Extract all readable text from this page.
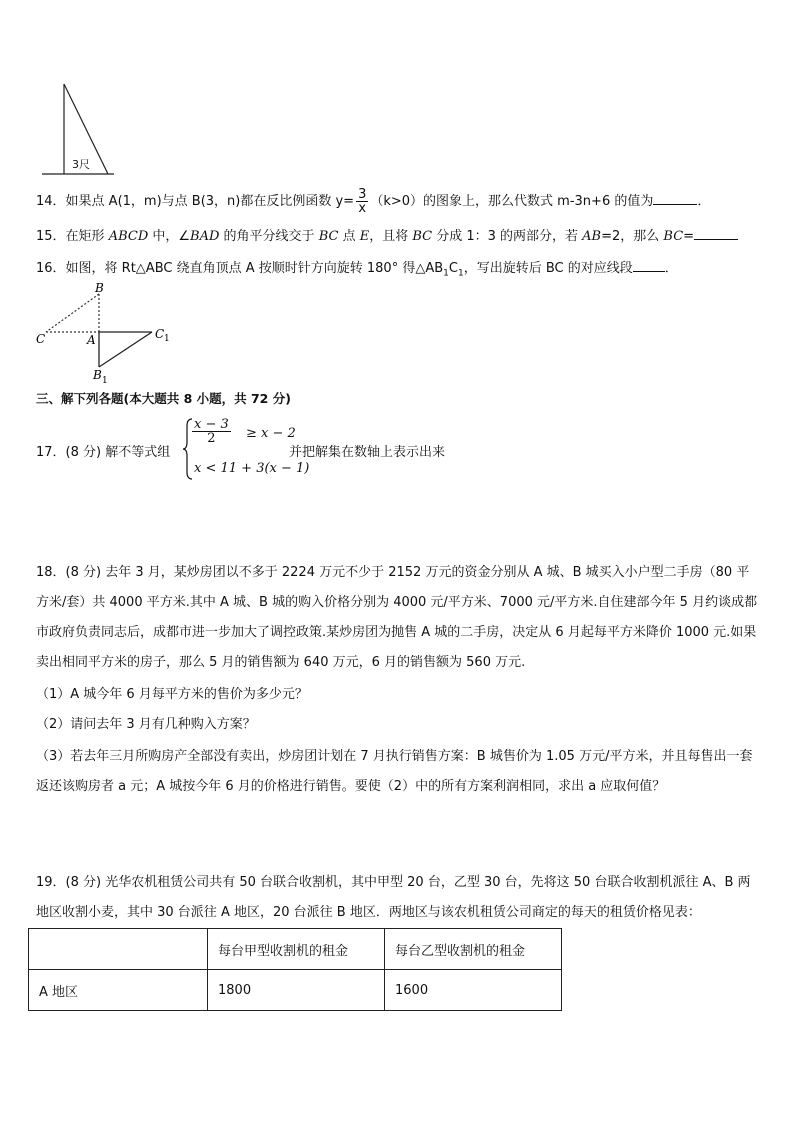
3尺
14．如果点 A(1，m)与点 B(3，n)都在反比例函数 $y= \frac{3}{x} (k>0)$的图象上，那么代数式 m-3n+6 的值为	．
15．在矩形 ABCD 中，∠BAD 的角平分线交于 BC 点 E，且将 BC 分成 1：3 的两部分，若 AB=2，那么 BC=
16．如图，将 Rt△ABC 绕直角顶点 A 按顺时针方向旋转 180° 得$\triangle AB_1C_1$，写出旋转后 BC 的对应线段 ．
B
C	A	C 1
B 1
三、解下列各题(本大题共 8 小题，共 72 分)
17．(8 分) 解不等式组
$\frac{x - 3}{2} \ge x - 2$
x < 11 + 3(x − 1)
并把解集在数轴上表示出来
18．(8 分) 去年 3 月，某炒房团以不多于 2224 万元不少于 2152 万元的资金分别从 A 城、B 城买入小户型二手房（80 平方米/套）共 4000 平方米.其中 A 城、B 城的购入价格分别为 4000 元/平方米、7000 元/平方米.自住建部今年 5 月约谈成都市政府负责同志后，成都市进一步加大了调控政策.某炒房团为抛售 A 城的二手房，决定从 6 月起每平方米降价 1000 元.如果卖出相同平方米的房子，那么 5 月的销售额为 640 万元，6 月的销售额为 560 万元.
（1）A 城今年 6 月每平方米的售价为多少元？
（2）请问去年 3 月有几种购入方案？
（3）若去年三月所购房产全部没有卖出，炒房团计划在 7 月执行销售方案：B 城售价为 1.05 万元/平方米，并且每售出一套返还该购房者 a 元；A 城按今年 6 月的价格进行销售。要使（2）中的所有方案利润相同，求出 a 应取何值？
19．(8 分) 光华农机租赁公司共有 50 台联合收割机，其中甲型 20 台，乙型 30 台，先将这 50 台联合收割机派往 A、B 两地区收割小麦，其中 30 台派往 A 地区，20 台派往 B 地区．两地区与该农机租赁公司商定的每天的租赁价格见表：
	每台甲型收割机的租金	每台乙型收割机的租金
A 地区	1800	1600
